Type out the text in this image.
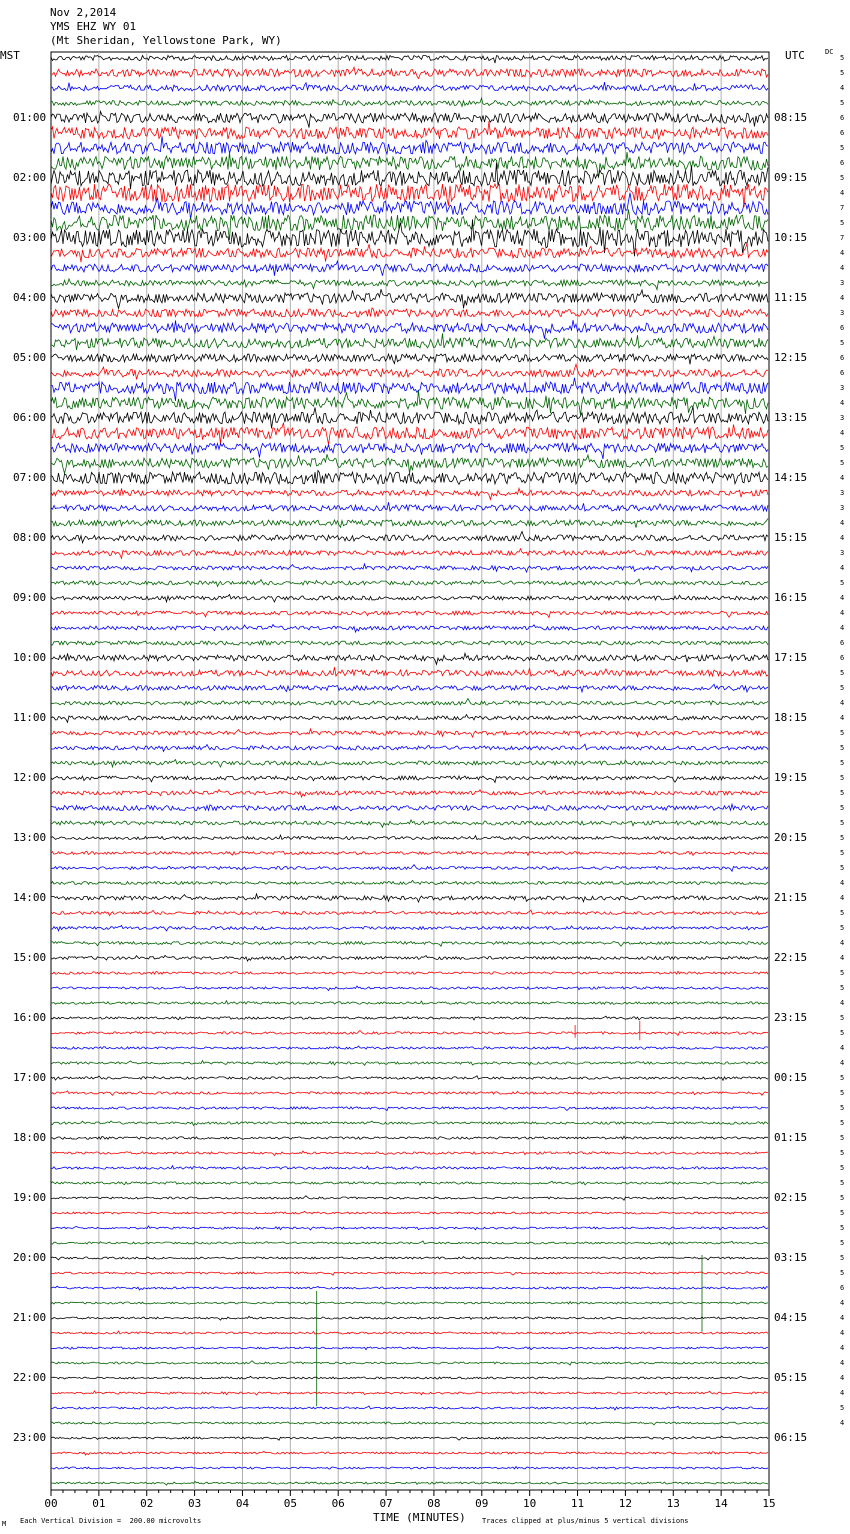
Nov 2,2014
YMS EHZ WY 01
(Mt Sheridan, Yellowstone Park, WY)
MST	UTC	DC
01:00
02:00
03:00
04:00
05:00
06:00
07:00
08:00
09:00
10:00
11:00
12:00
13:00
14:00
15:00
16:00
17:00
18:00
19:00
20:00
21:00
22:00
23:00
08:15
09:15
10:15
11:15
12:15
13:15
14:15
15:15
16:15
17:15
18:15
19:15
20:15
21:15
22:15
23:15
00:15
01:15
02:15
03:15
04:15
05:15
06:15
5
5
4
5
6
6
5
6
5
4
7
5
7
4
4
3
4
3
6
5
6
6
3
4
3
4
5
5
4
3
3
4
4
3
4
5
4
4
4
6
6
5
5
4
4
5
5
5
5
5
5
5
5
5
5
4
4
5
5
4
4
5
5
4
5
5
4
4
5
5
5
5
5
5
5
5
5
5
5
5
5
5
6
4
4
4
4
4
4
4
5
4
00	01	02	03	04	05	06	07	08	09	10	11	12	13	14	15
TIME (MINUTES)
Each Vertical Division =  200.00 microvolts	Traces clipped at plus/minus 5 vertical divisions
M
